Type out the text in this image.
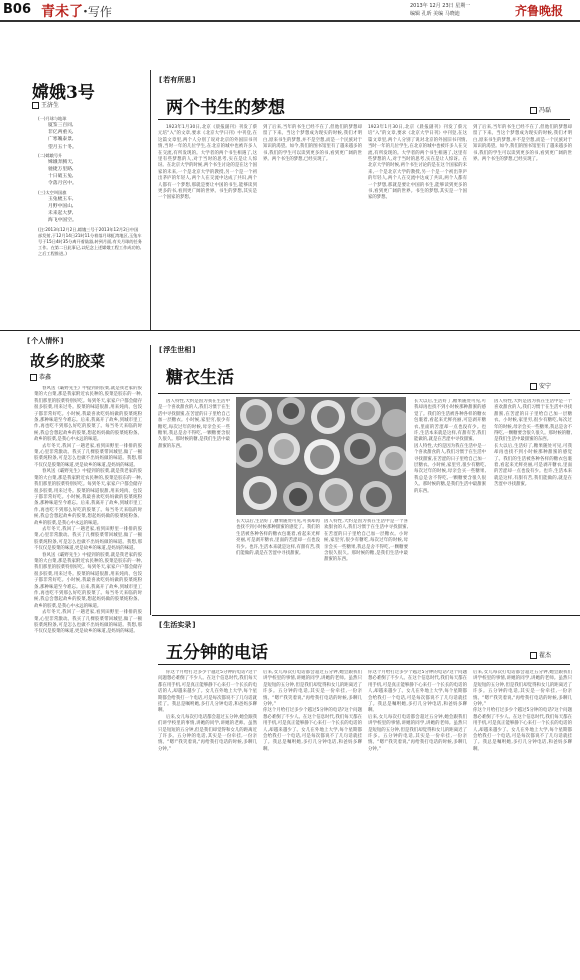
B06 青未了·写作	2013年 12月 23日 星期一
编辑 孔昕 美编 马晓迪	齐鲁晚报
嫦娥3号
王济生
(一)月球与地球
厦鉴三百同,
非亿两重关,
广寒魄泰景,
望月五十冬。
(二)嫦娥号升
嫦娥奔腾天,
驰捷万里路,
十日破玉兔,
令落月宫中。
(三)太空叫国旗
玉兔梳玉车,
月野中国山,
未来起大梦,
海飞中国空。
(注:2013年12月2日,嫦娥三号于2013年12月2日中国部发射,于12月14日21时11分着落月球虹湾地区,玉兔车号于15日4时35分离开着陆器,转到月面,有关月球的任务工作。在第二日此事记,以纪念上述嫦娥工程工作成功的,之后工程推进。)
[ 若有所思 ]
两个书生的梦想	冯磊
1923年1月30日,北京《晨报副刊》刊发了蔡元培“入”的文章,要求《北京大学日刊》中刊登,在这篇文章里,两个人分别了说对北京的外国旧书刊情,当时一年的几位学生,在北京的城中也被许多人在交流,有所发现的。大学者的两个书生相遇了,这里有些梦想的人,对于当时的思考,实在是让人惊讶。在北京大学的时候,两个书生讨论的是在这个国家的未来,一个是北京大学的教授,另一个是一个初出茅庐的年轻人,两个人在交流中达成了共识,两个人都有一个梦想,那就是要让中国的书生,能够读到更多的书,看到更广阔的世界。书生的梦想,其实是一个国家的梦想。
到了后来,当年的书生已经不在了,但他们的梦想却留了下来。当这个梦想成为现实的时候,我们才明白,原来书生的梦想,并不是空想,而是一个民族对于知识的渴望。如今,我们的图书馆里有了越来越多的书,我们的学生可以读到更多的书,看到更广阔的世界。两个书生的梦想,已经实现了。
1923年1月30日,北京《晨报副刊》刊发了蔡元培“入”的文章,要求《北京大学日刊》中刊登,在这篇文章里,两个人分别了说对北京的外国旧书刊情,当时一年的几位学生,在北京的城中也被许多人在交流,有所发现的。大学者的两个书生相遇了,这里有些梦想的人,对于当时的思考,实在是让人惊讶。在北京大学的时候,两个书生讨论的是在这个国家的未来,一个是北京大学的教授,另一个是一个初出茅庐的年轻人,两个人在交流中达成了共识,两个人都有一个梦想,那就是要让中国的书生,能够读到更多的书,看到更广阔的世界。书生的梦想,其实是一个国家的梦想。
到了后来,当年的书生已经不在了,但他们的梦想却留了下来。当这个梦想成为现实的时候,我们才明白,原来书生的梦想,并不是空想,而是一个民族对于知识的渴望。如今,我们的图书馆里有了越来越多的书,我们的学生可以读到更多的书,看到更广阔的世界。两个书生的梦想,已经实现了。
[ 个人情怀 ]
故乡的胶菜
恭鑫
春风送《霸野先生》中提到的胶菜,就是我老家的胶菜的大白菜,那是我家附近农民种的,胶菜是胶东的一种,我们那里的胶菜特别好吃。每到冬天,家家户户都会储存很多胶菜,用来过冬。胶菜的味道很甜,用来炖肉、包饺子都非常好吃。小时候,我最喜欢吃妈妈做的胶菜炖粉条,那种味道至今难忘。后来,我离开了故乡,到城市里工作,再也吃不到那么好吃的胶菜了。每当冬天来临的时候,我总会想起故乡的胶菜,想起妈妈做的胶菜炖粉条。故乡的胶菜,是我心中永远的味道。
去年冬天,我回了一趟老家,看到田野里一排排的胶菜,心里非常激动。我买了几棵胶菜带回城里,做了一顿胶菜炖粉条,可是怎么也做不出妈妈做的味道。我想,那不仅仅是胶菜的味道,更是故乡的味道,是妈妈的味道。
春风送《霸野先生》中提到的胶菜,就是我老家的胶菜的大白菜,那是我家附近农民种的,胶菜是胶东的一种,我们那里的胶菜特别好吃。每到冬天,家家户户都会储存很多胶菜,用来过冬。胶菜的味道很甜,用来炖肉、包饺子都非常好吃。小时候,我最喜欢吃妈妈做的胶菜炖粉条,那种味道至今难忘。后来,我离开了故乡,到城市里工作,再也吃不到那么好吃的胶菜了。每当冬天来临的时候,我总会想起故乡的胶菜,想起妈妈做的胶菜炖粉条。故乡的胶菜,是我心中永远的味道。
去年冬天,我回了一趟老家,看到田野里一排排的胶菜,心里非常激动。我买了几棵胶菜带回城里,做了一顿胶菜炖粉条,可是怎么也做不出妈妈做的味道。我想,那不仅仅是胶菜的味道,更是故乡的味道,是妈妈的味道。
春风送《霸野先生》中提到的胶菜,就是我老家的胶菜的大白菜,那是我家附近农民种的,胶菜是胶东的一种,我们那里的胶菜特别好吃。每到冬天,家家户户都会储存很多胶菜,用来过冬。胶菜的味道很甜,用来炖肉、包饺子都非常好吃。小时候,我最喜欢吃妈妈做的胶菜炖粉条,那种味道至今难忘。后来,我离开了故乡,到城市里工作,再也吃不到那么好吃的胶菜了。每当冬天来临的时候,我总会想起故乡的胶菜,想起妈妈做的胶菜炖粉条。故乡的胶菜,是我心中永远的味道。
去年冬天,我回了一趟老家,看到田野里一排排的胶菜,心里非常激动。我买了几棵胶菜带回城里,做了一顿胶菜炖粉条,可是怎么也做不出妈妈做的味道。我想,那不仅仅是胶菜的味道,更是故乡的味道,是妈妈的味道。
[ 浮生世相 ]
糖衣生活	安宁
因人特性,大约是因为我在生活中是一个喜欢甜食的人,我们习惯于在生活中寻找甜蜜,在苦涩的日子里给自己加一层糖衣。小时候,家里穷,很少有糖吃,每次过年的时候,母亲会买一些糖果,我总是舍不得吃,一颗糖要含很久很久。那时候的糖,是我们生活中最甜蜜的东西。
长大以后,生活好了,糖果随处可见,可我却再也找不到小时候那种甜蜜的感觉了。我们的生活被各种各样的糖衣包裹着,看起来光鲜亮丽,可是剥开糖衣,里面的苦涩却一点也没有少。也许,生活本来就是这样,有甜有苦,我们能做的,就是在苦涩中寻找甜蜜。
因人特性,大约是因为我在生活中是一个喜欢甜食的人,我们习惯于在生活中寻找甜蜜,在苦涩的日子里给自己加一层糖衣。小时候,家里穷,很少有糖吃,每次过年的时候,母亲会买一些糖果,我总是舍不得吃,一颗糖要含很久很久。那时候的糖,是我们生活中最甜蜜的东西。
因人特性,大约是因为我在生活中是一个喜欢甜食的人,我们习惯于在生活中寻找甜蜜,在苦涩的日子里给自己加一层糖衣。小时候,家里穷,很少有糖吃,每次过年的时候,母亲会买一些糖果,我总是舍不得吃,一颗糖要含很久很久。那时候的糖,是我们生活中最甜蜜的东西。
长大以后,生活好了,糖果随处可见,可我却再也找不到小时候那种甜蜜的感觉了。我们的生活被各种各样的糖衣包裹着,看起来光鲜亮丽,可是剥开糖衣,里面的苦涩却一点也没有少。也许,生活本来就是这样,有甜有苦,我们能做的,就是在苦涩中寻找甜蜜。
长大以后,生活好了,糖果随处可见,可我却再也找不到小时候那种甜蜜的感觉了。我们的生活被各种各样的糖衣包裹着,看起来光鲜亮丽,可是剥开糖衣,里面的苦涩却一点也没有少。也许,生活本来就是这样,有甜有苦,我们能做的,就是在苦涩中寻找甜蜜。
因人特性,大约是因为我在生活中是一个喜欢甜食的人,我们习惯于在生活中寻找甜蜜,在苦涩的日子里给自己加一层糖衣。小时候,家里穷,很少有糖吃,每次过年的时候,母亲会买一些糖果,我总是舍不得吃,一颗糖要含很久很久。那时候的糖,是我们生活中最甜蜜的东西。
[ 生活实录 ]
五分钟的电话	翟杰
你这个月给打过多少个越过5分钟的电话?这个问题想必难倒了不少人。在这个信息时代,我们每天都在用手机,可是真正能够静下心来打一个长长的电话的人,却越来越少了。女儿在外地上大学,每个星期都会给我打一个电话,可是每次都说不了几句话就挂了。我总是嘱咐她,多打几分钟电话,和爸妈多聊聊。
后来,女儿每次打电话都会超过五分钟,她会跟我们讲学校里的事情,讲她的同学,讲她的老师。虽然只是短短的五分钟,但是我们却觉得和女儿的距离近了许多。五分钟的电话,其实是一份牵挂,一份亲情。“嗯!”我笑着说,“再给我打电话的时候,多聊几分钟。”
后来,女儿每次打电话都会超过五分钟,她会跟我们讲学校里的事情,讲她的同学,讲她的老师。虽然只是短短的五分钟,但是我们却觉得和女儿的距离近了许多。五分钟的电话,其实是一份牵挂,一份亲情。“嗯!”我笑着说,“再给我打电话的时候,多聊几分钟。”
你这个月给打过多少个越过5分钟的电话?这个问题想必难倒了不少人。在这个信息时代,我们每天都在用手机,可是真正能够静下心来打一个长长的电话的人,却越来越少了。女儿在外地上大学,每个星期都会给我打一个电话,可是每次都说不了几句话就挂了。我总是嘱咐她,多打几分钟电话,和爸妈多聊聊。
你这个月给打过多少个越过5分钟的电话?这个问题想必难倒了不少人。在这个信息时代,我们每天都在用手机,可是真正能够静下心来打一个长长的电话的人,却越来越少了。女儿在外地上大学,每个星期都会给我打一个电话,可是每次都说不了几句话就挂了。我总是嘱咐她,多打几分钟电话,和爸妈多聊聊。
后来,女儿每次打电话都会超过五分钟,她会跟我们讲学校里的事情,讲她的同学,讲她的老师。虽然只是短短的五分钟,但是我们却觉得和女儿的距离近了许多。五分钟的电话,其实是一份牵挂,一份亲情。“嗯!”我笑着说,“再给我打电话的时候,多聊几分钟。”
后来,女儿每次打电话都会超过五分钟,她会跟我们讲学校里的事情,讲她的同学,讲她的老师。虽然只是短短的五分钟,但是我们却觉得和女儿的距离近了许多。五分钟的电话,其实是一份牵挂,一份亲情。“嗯!”我笑着说,“再给我打电话的时候,多聊几分钟。”
你这个月给打过多少个越过5分钟的电话?这个问题想必难倒了不少人。在这个信息时代,我们每天都在用手机,可是真正能够静下心来打一个长长的电话的人,却越来越少了。女儿在外地上大学,每个星期都会给我打一个电话,可是每次都说不了几句话就挂了。我总是嘱咐她,多打几分钟电话,和爸妈多聊聊。
